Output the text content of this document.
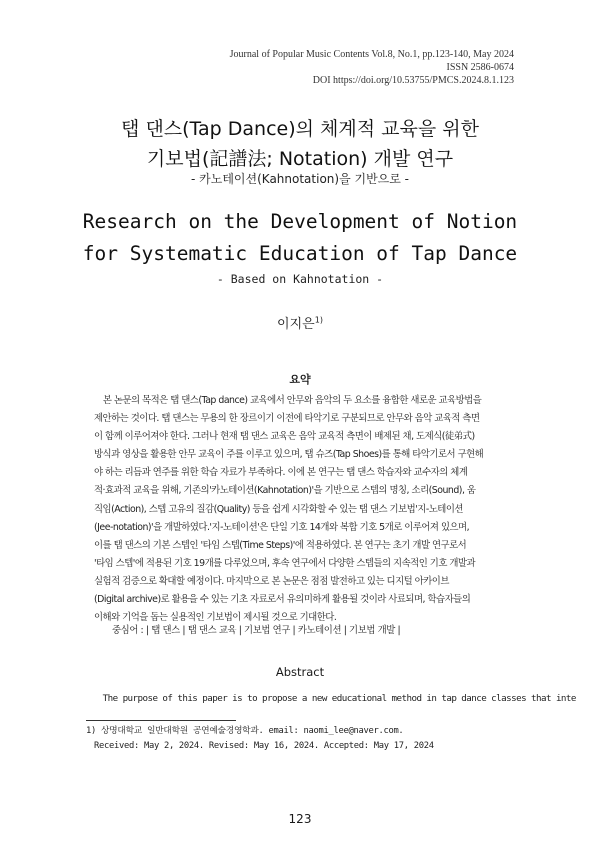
Journal of Popular Music Contents Vol.8, No.1, pp.123-140, May 2024
ISSN 2586-0674
DOI https://doi.org/10.53755/PMCS.2024.8.1.123
탭 댄스(Tap Dance)의 체계적 교육을 위한
기보법(記譜法; Notation) 개발 연구
- 카노테이션(Kahnotation)을 기반으로 -
Research on the Development of Notion
for Systematic Education of Tap Dance
- Based on Kahnotation -
이지은$^{1)}$
요약
　본 논문의 목적은 탭 댄스(Tap dance) 교육에서 안무와 음악의 두 요소를 융합한 새로운 교육방법을
제안하는 것이다. 탭 댄스는 무용의 한 장르이기 이전에 타악기로 구분되므로 안무와 음악 교육적 측면
이 함께 이루어져야 한다. 그러나 현재 탭 댄스 교육은 음악 교육적 측면이 배제된 채, 도제식(徒弟式)
방식과 영상을 활용한 안무 교육이 주를 이루고 있으며, 탭 슈즈(Tap Shoes)를 통해 타악기로서 구현해
야 하는 리듬과 연주를 위한 학습 자료가 부족하다. 이에 본 연구는 탭 댄스 학습자와 교수자의 체계
적·효과적 교육을 위해, 기존의'카노테이션(Kahnotation)'을 기반으로 스텝의 명칭, 소리(Sound), 움
직임(Action), 스텝 고유의 질감(Quality) 등을 쉽게 시각화할 수 있는 탭 댄스 기보법'지-노테이션
(Jee-notation)'을 개발하였다.'지-노테이션'은 단일 기호 14개와 복합 기호 5개로 이루어져 있으며,
이를 탭 댄스의 기본 스텝인 '타임 스텝(Time Steps)'에 적용하였다. 본 연구는 초기 개발 연구로서
'타임 스텝'에 적용된 기호 19개를 다루었으며, 후속 연구에서 다양한 스텝들의 지속적인 기호 개발과
실험적 검증으로 확대할 예정이다. 마지막으로 본 논문은 점점 발전하고 있는 디지털 아카이브
(Digital archive)로 활용을 수 있는 기초 자료로서 유의미하게 활용될 것이라 사료되며, 학습자들의
이해와 기억을 돕는 실용적인 기보법이 제시될 것으로 기대한다.
중심어 : | 탭 댄스 | 탭 댄스 교육 | 기보법 연구 | 카노테이션 | 기보법 개발 |
Abstract
　The purpose of this paper is to propose a new educational method in tap dance classes that inte
1) 상명대학교 일반대학원 공연예술경영학과. email: naomi_lee@naver.com.
Received: May 2, 2024. Revised: May 16, 2024. Accepted: May 17, 2024
123
